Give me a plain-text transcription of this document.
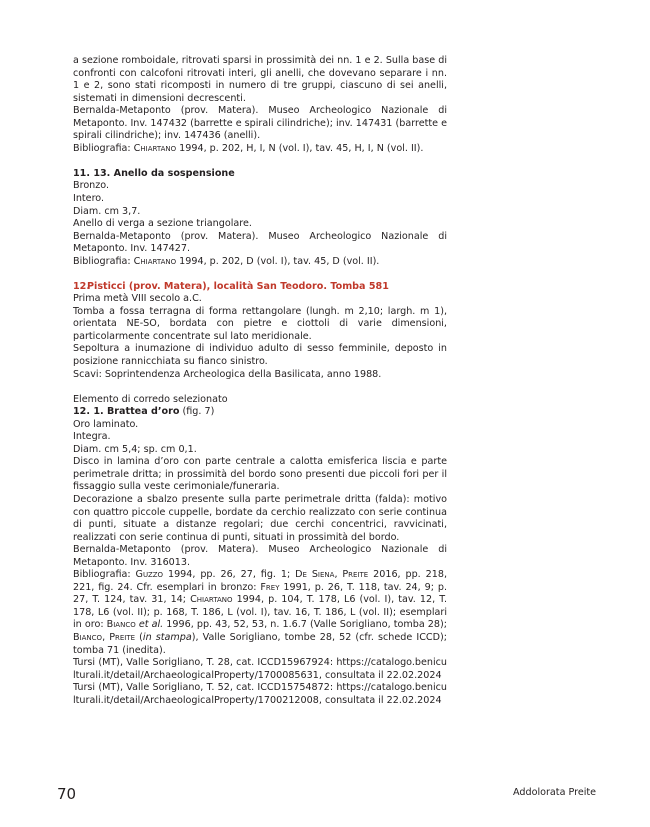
a sezione romboidale, ritrovati sparsi in prossimità dei nn. 1 e 2. Sulla base di confronti con calcofoni ritrovati interi, gli anelli, che dovevano separare i nn. 1 e 2, sono stati ricomposti in numero di tre gruppi, ciascuno di sei anelli, sistemati in dimensioni decrescenti.

Bernalda-Metaponto (prov. Matera). Museo Archeologico Nazionale di Metaponto. Inv. 147432 (barrette e spirali cilindriche); inv. 147431 (barrette e spirali cilindriche); inv. 147436 (anelli).

Bibliografia: Chiartano 1994, p. 202, H, I, N (vol. I), tav. 45, H, I, N (vol. II).

11. 13. Anello da sospensione

Bronzo.

Intero.

Diam. cm 3,7.

Anello di verga a sezione triangolare.

Bernalda-Metaponto (prov. Matera). Museo Archeologico Nazionale di Metaponto. Inv. 147427.

Bibliografia: Chiartano 1994, p. 202, D (vol. I), tav. 45, D (vol. II).

12.
Pisticci (prov. Matera), località San Teodoro. Tomba 581

Prima metà VIII secolo a.C.

Tomba a fossa terragna di forma rettangolare (lungh. m 2,10; largh. m 1), orientata NE-SO, bordata con pietre e ciottoli di varie dimensioni, particolarmente concentrate sul lato meridionale.

Sepoltura a inumazione di individuo adulto di sesso femminile, deposto in posizione rannicchiata su fianco sinistro.

Scavi: Soprintendenza Archeologica della Basilicata, anno 1988.

Elemento di corredo selezionato

12. 1. Brattea d’oro (fig. 7)

Oro laminato.

Integra.

Diam. cm 5,4; sp. cm 0,1.

Disco in lamina d’oro con parte centrale a calotta emisferica liscia e parte perimetrale dritta; in prossimità del bordo sono presenti due piccoli fori per il fissaggio sulla veste cerimoniale/funeraria.

Decorazione a sbalzo presente sulla parte perimetrale dritta (falda): motivo con quattro piccole cuppelle, bordate da cerchio realizzato con serie continua di punti, situate a distanze regolari; due cerchi concentrici, ravvicinati, realizzati con serie continua di punti, situati in prossimità del bordo.

Bernalda-Metaponto (prov. Matera). Museo Archeologico Nazionale di Metaponto. Inv. 316013.

Bibliografia: Guzzo 1994, pp. 26, 27, fig. 1; De Siena, Preite 2016, pp. 218, 221, fig. 24. Cfr. esemplari in bronzo: Frey 1991, p. 26, T. 118, tav. 24, 9; p. 27, T. 124, tav. 31, 14; Chiartano 1994, p. 104, T. 178, L6 (vol. I), tav. 12, T. 178, L6 (vol. II); p. 168, T. 186, L (vol. I), tav. 16, T. 186, L (vol. II); esemplari in oro: Bianco et al. 1996, pp. 43, 52, 53, n. 1.6.7 (Valle Sorigliano, tomba 28); Bianco, Preite (in stampa), Valle Sorigliano, tombe 28, 52 (cfr. schede ICCD); tomba 71 (inedita).

Tursi (MT), Valle Sorigliano, T. 28, cat. ICCD15967924: https://catalogo.beniculturali.it/detail/ArchaeologicalProperty/1700085631, consultata il 22.02.2024

Tursi (MT), Valle Sorigliano, T. 52, cat. ICCD15754872: https://catalogo.beniculturali.it/detail/ArchaeologicalProperty/1700212008, consultata il 22.02.2024

70	Addolorata Preite
